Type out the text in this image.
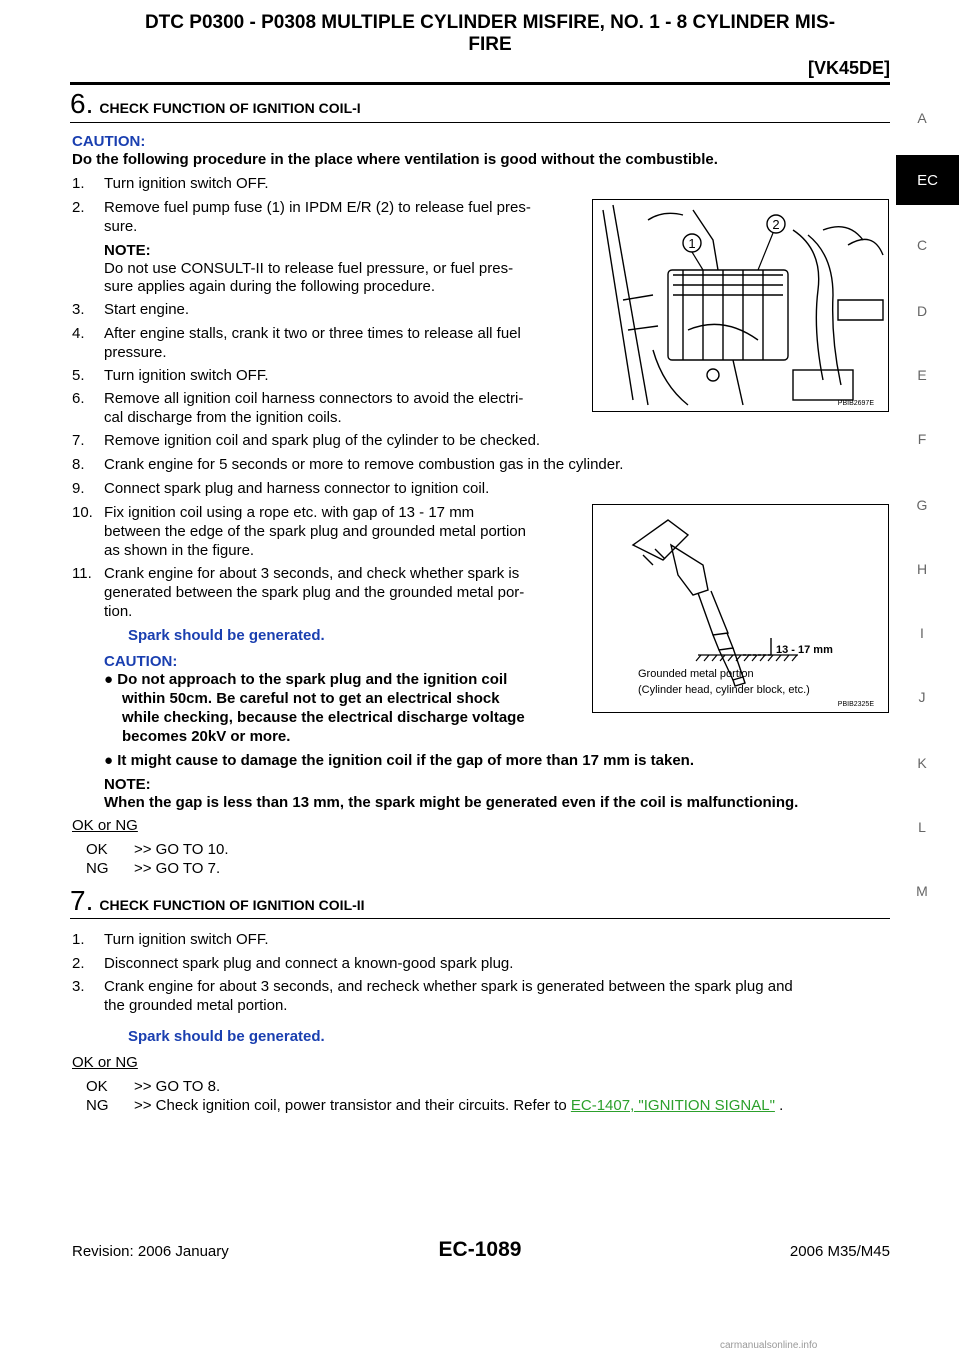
DTC P0300 - P0308 MULTIPLE CYLINDER MISFIRE, NO. 1 - 8 CYLINDER MIS-
FIRE
[VK45DE]
A
EC
C
D
E
F
G
H
I
J
K
L
M
6. CHECK FUNCTION OF IGNITION COIL-I
CAUTION:
Do the following procedure in the place where ventilation is good without the combustible.
1. Turn ignition switch OFF.
2. Remove fuel pump fuse (1) in IPDM E/R (2) to release fuel pres-
sure.
NOTE:
Do not use CONSULT-II to release fuel pressure, or fuel pres-
sure applies again during the following procedure.
3. Start engine.
4. After engine stalls, crank it two or three times to release all fuel
pressure.
5. Turn ignition switch OFF.
6. Remove all ignition coil harness connectors to avoid the electri-
cal discharge from the ignition coils.
7. Remove ignition coil and spark plug of the cylinder to be checked.
8. Crank engine for 5 seconds or more to remove combustion gas in the cylinder.
9. Connect spark plug and harness connector to ignition coil.
10. Fix ignition coil using a rope etc. with gap of 13 - 17 mm
between the edge of the spark plug and grounded metal portion
as shown in the figure.
11. Crank engine for about 3 seconds, and check whether spark is
generated between the spark plug and the grounded metal por-
tion.
Spark should be generated.
CAUTION:
● Do not approach to the spark plug and the ignition coil
within 50cm. Be careful not to get an electrical shock
while checking, because the electrical discharge voltage
becomes 20kV or more.
● It might cause to damage the ignition coil if the gap of more than 17 mm is taken.
NOTE:
When the gap is less than 13 mm, the spark might be generated even if the coil is malfunctioning.
OK or NG
OK >> GO TO 10.
NG >> GO TO 7.
1
2
PBIB2697E
13 - 17 mm
Grounded metal portion
(Cylinder head, cylinder block, etc.)
PBIB2325E
7. CHECK FUNCTION OF IGNITION COIL-II
1. Turn ignition switch OFF.
2. Disconnect spark plug and connect a known-good spark plug.
3. Crank engine for about 3 seconds, and recheck whether spark is generated between the spark plug and
the grounded metal portion.
Spark should be generated.
OK or NG
OK >> GO TO 8.
NG >> Check ignition coil, power transistor and their circuits. Refer to EC-1407, "IGNITION SIGNAL" .
Revision: 2006 January	EC-1089	2006 M35/M45
carmanualsonline.info
